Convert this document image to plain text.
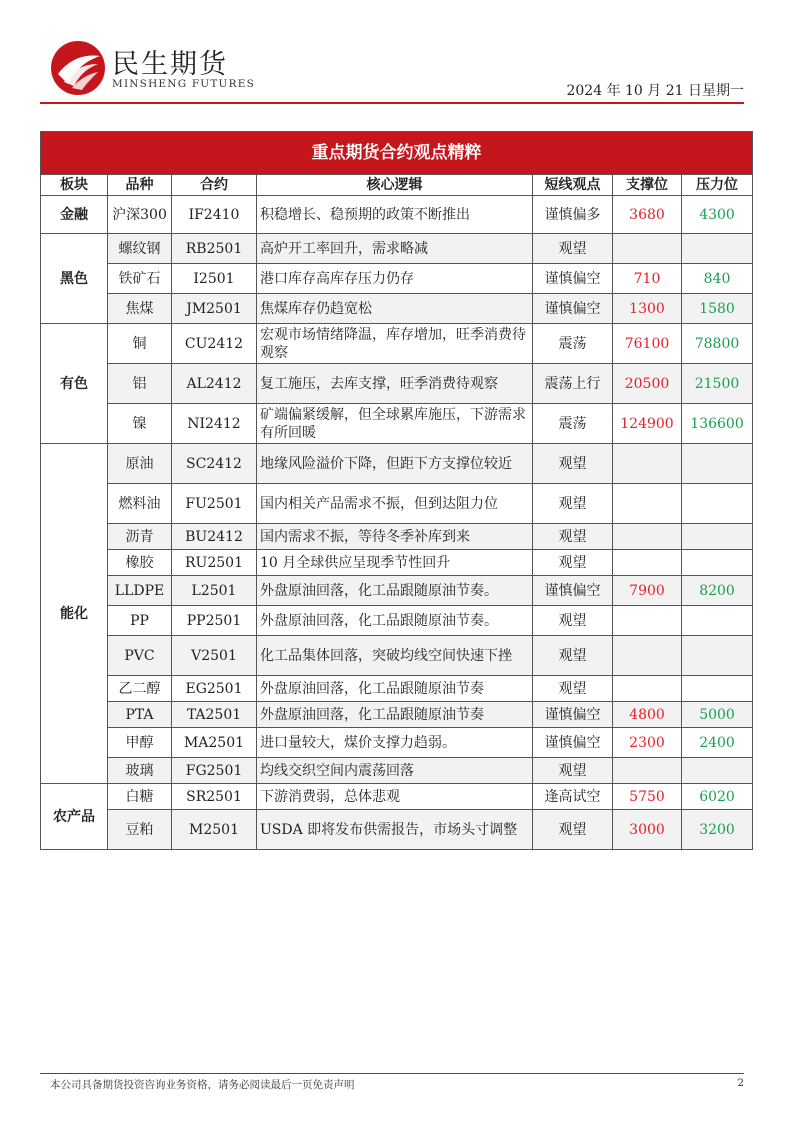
民生期货
MINSHENG FUTURES	2024 年 10 月 21 日星期一
重点期货合约观点精粹						
板块	品种	合约	核心逻辑	短线观点	支撑位	压力位
金融	沪深300	IF2410	积稳增长、稳预期的政策不断推出	谨慎偏多	3680	4300
黑色	螺纹钢	RB2501	高炉开工率回升，需求略减	观望		
	铁矿石	I2501	港口库存高库存压力仍存	谨慎偏空	710	840
	焦煤	JM2501	焦煤库存仍趋宽松	谨慎偏空	1300	1580
有色	铜	CU2412	宏观市场情绪降温，库存增加，旺季消费待观察	震荡	76100	78800
	铝	AL2412	复工施压，去库支撑，旺季消费待观察	震荡上行	20500	21500
	镍	NI2412	矿端偏紧缓解，但全球累库施压，下游需求有所回暖	震荡	124900	136600
能化	原油	SC2412	地缘风险溢价下降，但距下方支撑位较近	观望		
	燃料油	FU2501	国内相关产品需求不振，但到达阻力位	观望		
	沥青	BU2412	国内需求不振，等待冬季补库到来	观望		
	橡胶	RU2501	10 月全球供应呈现季节性回升	观望		
	LLDPE	L2501	外盘原油回落，化工品跟随原油节奏。	谨慎偏空	7900	8200
	PP	PP2501	外盘原油回落，化工品跟随原油节奏。	观望		
	PVC	V2501	化工品集体回落，突破均线空间快速下挫	观望		
	乙二醇	EG2501	外盘原油回落，化工品跟随原油节奏	观望		
	PTA	TA2501	外盘原油回落，化工品跟随原油节奏	谨慎偏空	4800	5000
	甲醇	MA2501	进口量较大，煤价支撑力趋弱。	谨慎偏空	2300	2400
	玻璃	FG2501	均线交织空间内震荡回落	观望		
农产品	白糖	SR2501	下游消费弱，总体悲观	逢高试空	5750	6020
	豆粕	M2501	USDA 即将发布供需报告，市场头寸调整	观望	3000	3200
本公司具备期货投资咨询业务资格，请务必阅读最后一页免责声明	2
